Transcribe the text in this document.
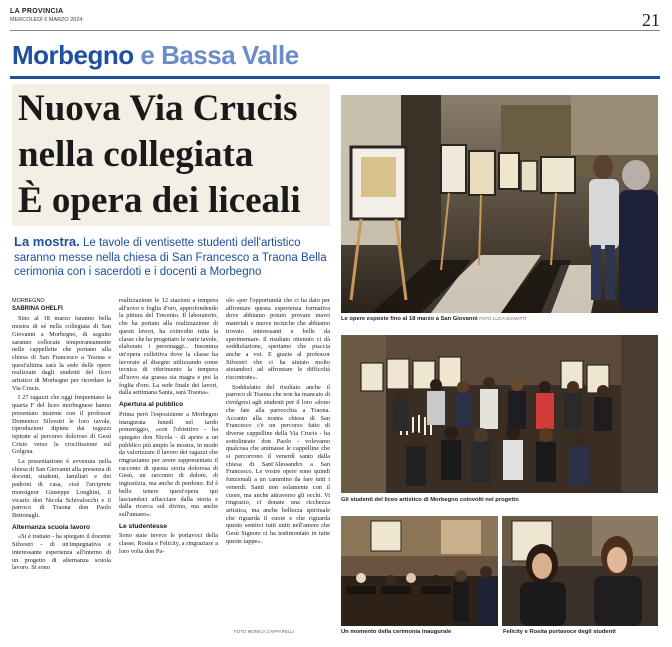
LA PROVINCIA
MERCOLEDÌ 6 MARZO 2024	21
Morbegno e Bassa Valle
Nuova Via Crucis
nella collegiata
È opera dei liceali
La mostra. Le tavole di ventisette studenti dell'artistico saranno messe nella chiesa di San Francesco a Traona Bella cerimonia con i sacerdoti e i docenti a Morbegno

MORBEGNO

SABRINA GHELFI

Sino al 18 marzo faranno bella mostra di sé nella collegiata di San Giovanni a Morbegno, di seguito saranno collocate temporaneamente nelle cappellette che portano alla chiesa di San Francesco a Traona e quest'ultima sarà la sede delle opere realizzate dagli studenti del liceo artistico di Morbegno per ricordare la Via Crucis.

I 27 ragazzi che oggi frequentano la quarta F del liceo morbegnese hanno presentato insieme con il professor Domenico Silvestri le loro tavole, riproduzioni dipinte dai ragazzi ispirate al percorso doloroso di Gesù Cristo verso la crocifissione sul Golgota.

La presentazione è avvenuta nella chiesa di San Giovanni alla presenza di docenti, studenti, familiari e dei padroni di casa, cioè l'arciprete monsignor Giuseppe Longhini, il vicario don Nicola Schivalocchi e il parroco di Traona don Paolo Bettonagli.

Alternanza scuola lavoro

«Si è trattato - ha spiegato il docente Silvestri - di un'impegnativa e interessante esperienza all'interno di un progetto di alternanza scuola lavoro. Si sono

realizzazione le 12 stazioni a tempera all'uovo e foglia d'oro, approfondendo la pittura del Trecento. Il laboratorio, che ha portato alla realizzazione di questi lavori, ha coinvolto tutta la classe che ha progettato le varie tavole, elaborato i personaggi... Insomma un'opera collettiva dove la classe ha lavorato al disegno utilizzando come tecnica di riferimento la tempera all'uovo sia grassa sia magra e poi la foglia d'oro. La sede finale dei lavori, dalla settimana Santa, sarà Traona».

Apertura al pubblico

Prima però l'esposizione a Morbegno inaugurata lunedì nel tardo pomeriggio, «con l'obiettivo - ha spiegato don Nicola - di aprire a un pubblico più ampio la mostra, in modo da valorizzare il lavoro dei ragazzi che ringraziamo per avere rappresentato il racconto di questa storia dolorosa di Gesù, un racconto di dolore, di ingiustizia, ma anche di perdono. Ed è bello tenere quest'opera qui lasciandoci affacciare dalla storia e dalla ricerca sul divino, ma anche sull'umano».

Le studentesse

Sono state invece le portavoci della classe, Rosita e Felicity, a ringraziare a loro volta don Pa-

olo «per l'opportunità che ci ha dato per affrontare questa esperienza formativa dove abbiamo potuto provare nuovi materiali e nuove tecniche che abbiamo trovato interessanti e belle da sperimentare. Il risultato ottenuto ci dà soddisfazione, speriamo che piaccia anche a voi. E grazie al professor Silvestri che ci ha aiutato molto aiutandoci ad affrontare le difficoltà riscontrate».

Soddisfatto del risultato anche il parroco di Traona che non ha mancato di rivolgersi agli studenti per il loro «dono che fate alla parrocchia a Traona. Accanto alla nostra chiesa di San Francesco c'è un percorso fatto di diverse cappelline della Via Crucis - ha sottolineato don Paolo - volevamo qualcosa che animasse le cappelline che si percorrono il venerdì santo dalla chiesa di Sant'Alessandro a San Francesco. Le vostre opere sono quindi funzionali a un cammino da fare tutti i venerdì. Santi non solamente con il cuore, ma anche attraverso gli occhi. Vi ringrazio, ci donate una ricchezza artistica, ma anche bellezza spirituale che riguarda il cuore e che riguarda questo sentirci tutti uniti nell'amore che Gesù Signore ci ha testimoniato in tutte queste tappe».

Le opere esposte fino al 18 marzo a San Giovanni FOTO LUCA GIANATTI
Gli studenti del liceo artistico di Morbegno coinvolti nel progetto
Un momento della cerimonia inaugurale
FOTO MONICA CAPPARELLI	Felicity e Rosita portavoce degli studenti
